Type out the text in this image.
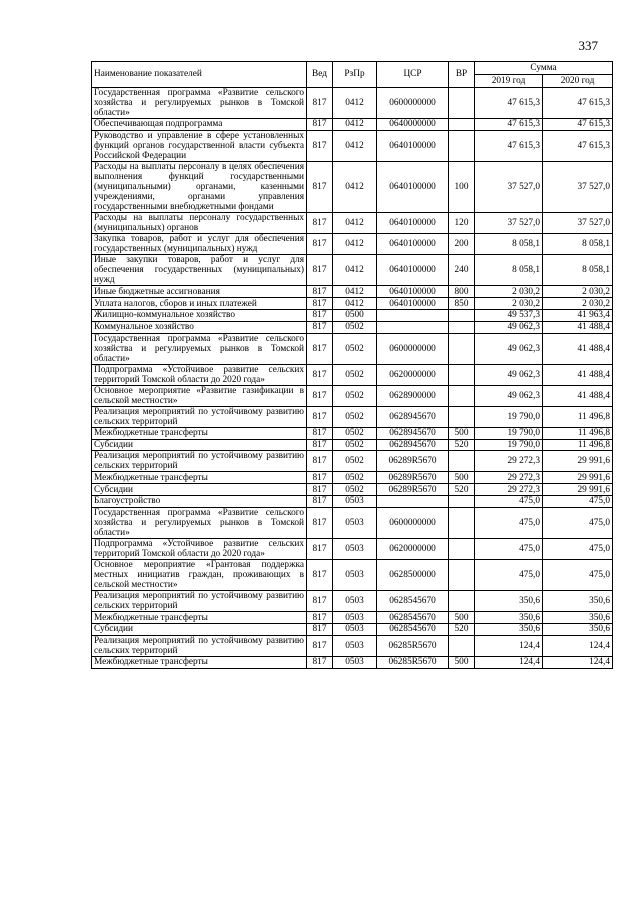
337
Наименование показателей	Вед	РзПр	ЦСР	ВР	Сумма	
					2019 год	2020 год
Государственная программа «Развитие сельского хозяйства и регулируемых рынков в Томской области»	817	0412	0600000000		47 615,3	47 615,3
Обеспечивающая подпрограмма	817	0412	0640000000		47 615,3	47 615,3
Руководство и управление в сфере установленных функций органов государственной власти субъекта Российской Федерации	817	0412	0640100000		47 615,3	47 615,3
Расходы на выплаты персоналу в целях обеспечения выполнения функций государственными (муниципальными) органами, казенными учреждениями, органами управления государственными внебюджетными фондами	817	0412	0640100000	100	37 527,0	37 527,0
Расходы на выплаты персоналу государственных (муниципальных) органов	817	0412	0640100000	120	37 527,0	37 527,0
Закупка товаров, работ и услуг для обеспечения государственных (муниципальных) нужд	817	0412	0640100000	200	8 058,1	8 058,1
Иные закупки товаров, работ и услуг для обеспечения государственных (муниципальных) нужд	817	0412	0640100000	240	8 058,1	8 058,1
Иные бюджетные ассигнования	817	0412	0640100000	800	2 030,2	2 030,2
Уплата налогов, сборов и иных платежей	817	0412	0640100000	850	2 030,2	2 030,2
Жилищно-коммунальное хозяйство	817	0500			49 537,3	41 963,4
Коммунальное хозяйство	817	0502			49 062,3	41 488,4
Государственная программа «Развитие сельского хозяйства и регулируемых рынков в Томской области»	817	0502	0600000000		49 062,3	41 488,4
Подпрограмма «Устойчивое развитие сельских территорий Томской области до 2020 года»	817	0502	0620000000		49 062,3	41 488,4
Основное мероприятие «Развитие газификации в сельской местности»	817	0502	0628900000		49 062,3	41 488,4
Реализация мероприятий по устойчивому развитию сельских территорий	817	0502	0628945670		19 790,0	11 496,8
Межбюджетные трансферты	817	0502	0628945670	500	19 790,0	11 496,8
Субсидии	817	0502	0628945670	520	19 790,0	11 496,8
Реализация мероприятий по устойчивому развитию сельских территорий	817	0502	06289R5670		29 272,3	29 991,6
Межбюджетные трансферты	817	0502	06289R5670	500	29 272,3	29 991,6
Субсидии	817	0502	06289R5670	520	29 272,3	29 991,6
Благоустройство	817	0503			475,0	475,0
Государственная программа «Развитие сельского хозяйства и регулируемых рынков в Томской области»	817	0503	0600000000		475,0	475,0
Подпрограмма «Устойчивое развитие сельских территорий Томской области до 2020 года»	817	0503	0620000000		475,0	475,0
Основное мероприятие «Грантовая поддержка местных инициатив граждан, проживающих в сельской местности»	817	0503	0628500000		475,0	475,0
Реализация мероприятий по устойчивому развитию сельских территорий	817	0503	0628545670		350,6	350,6
Межбюджетные трансферты	817	0503	0628545670	500	350,6	350,6
Субсидии	817	0503	0628545670	520	350,6	350,6
Реализация мероприятий по устойчивому развитию сельских территорий	817	0503	06285R5670		124,4	124,4
Межбюджетные трансферты	817	0503	06285R5670	500	124,4	124,4
